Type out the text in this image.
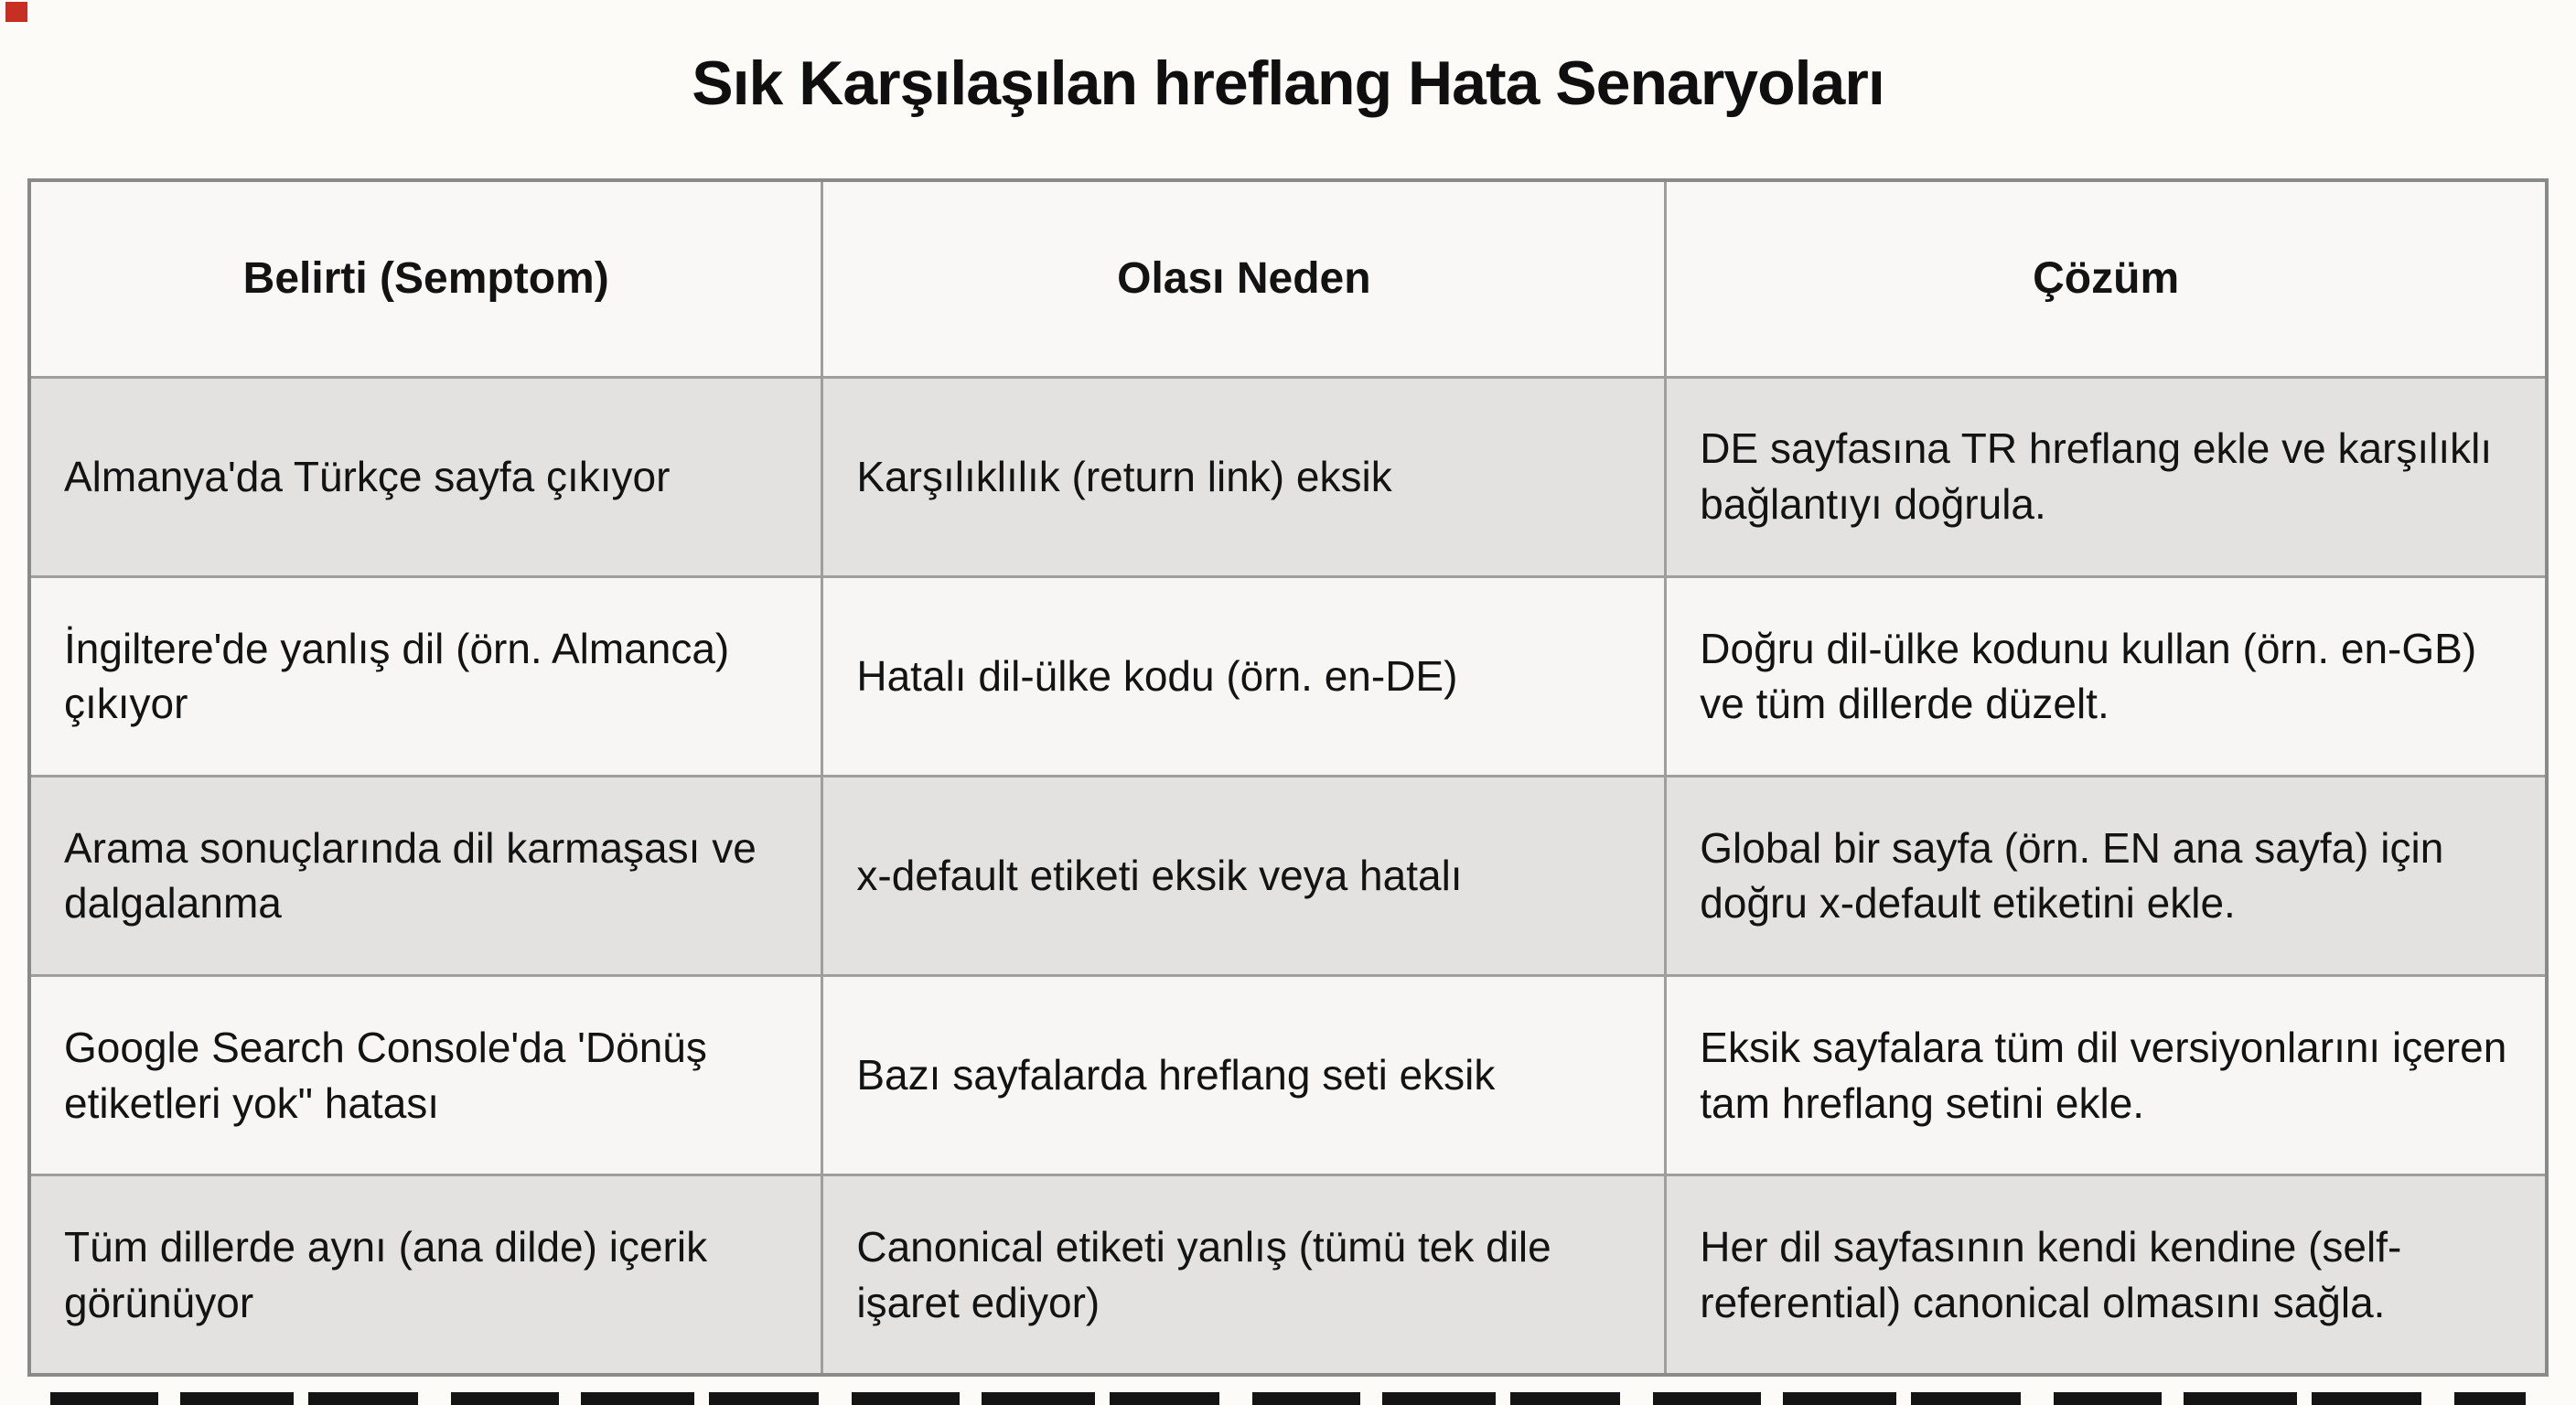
Sık Karşılaşılan hreflang Hata Senaryoları
Belirti (Semptom)	Olası Neden	Çözüm
Almanya'da Türkçe sayfa çıkıyor	Karşılıklılık (return link) eksik	DE sayfasına TR hreflang ekle ve karşılıklı bağlantıyı doğrula.
İngiltere'de yanlış dil (örn. Almanca) çıkıyor	Hatalı dil-ülke kodu (örn. en-DE)	Doğru dil-ülke kodunu kullan (örn. en-GB) ve tüm dillerde düzelt.
Arama sonuçlarında dil karmaşası ve dalgalanma	x-default etiketi eksik veya hatalı	Global bir sayfa (örn. EN ana sayfa) için doğru x-default etiketini ekle.
Google Search Console'da 'Dönüş etiketleri yok" hatası	Bazı sayfalarda hreflang seti eksik	Eksik sayfalara tüm dil versiyonlarını içeren tam hreflang setini ekle.
Tüm dillerde aynı (ana dilde) içerik görünüyor	Canonical etiketi yanlış (tümü tek dile işaret ediyor)	Her dil sayfasının kendi kendine (self-referential) canonical olmasını sağla.
